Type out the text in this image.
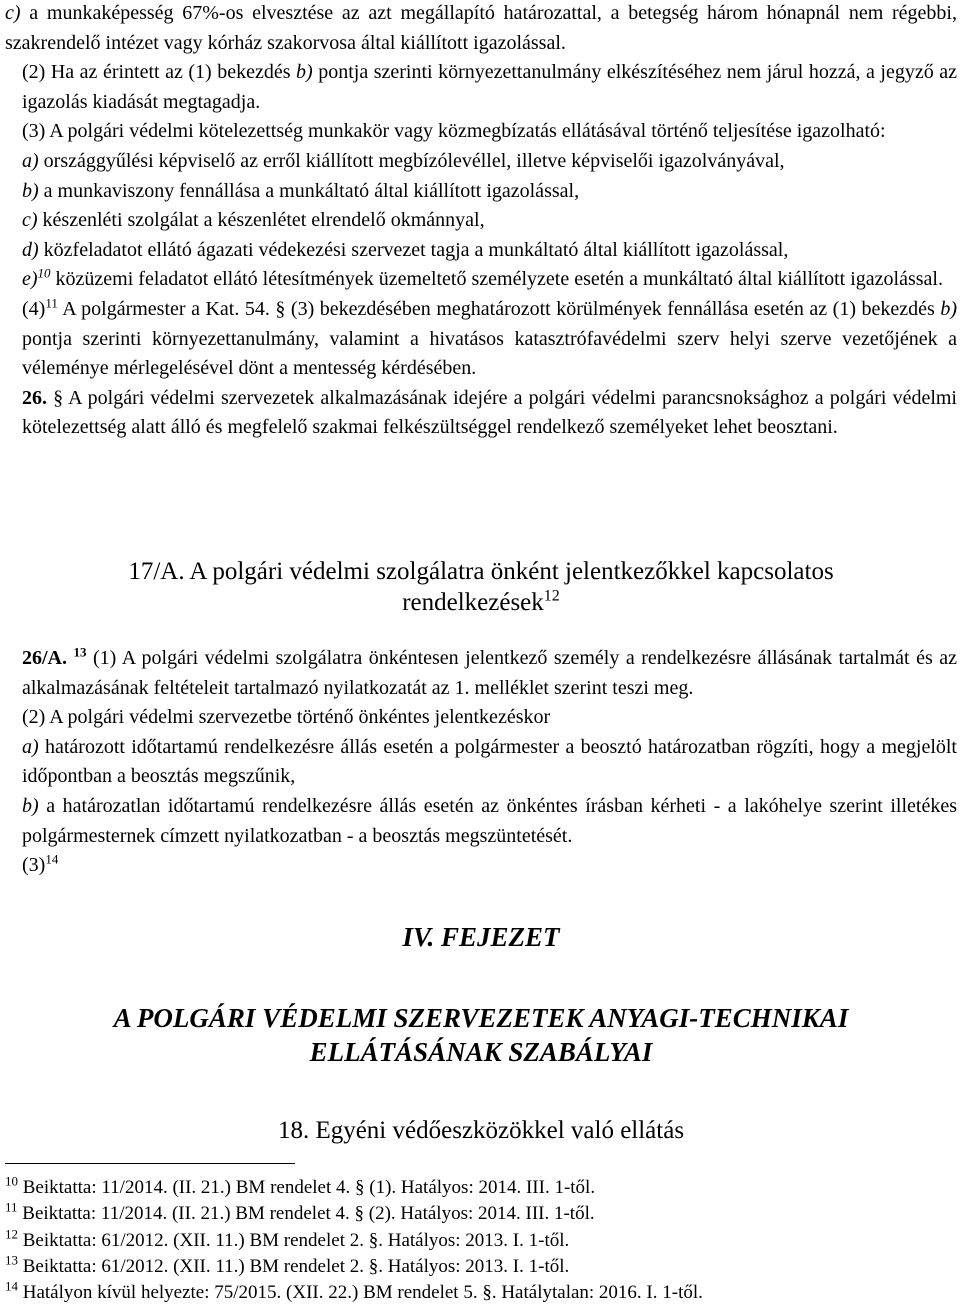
c) a munkaképesség 67%-os elvesztése az azt megállapító határozattal, a betegség három hónapnál nem régebbi, szakrendelő intézet vagy kórház szakorvosa által kiállított igazolással.

(2) Ha az érintett az (1) bekezdés b) pontja szerinti környezettanulmány elkészítéséhez nem járul hozzá, a jegyző az igazolás kiadását megtagadja.

(3) A polgári védelmi kötelezettség munkakör vagy közmegbízatás ellátásával történő teljesítése igazolható:

a) országgyűlési képviselő az erről kiállított megbízólevéllel, illetve képviselői igazolványával,

b) a munkaviszony fennállása a munkáltató által kiállított igazolással,

c) készenléti szolgálat a készenlétet elrendelő okmánnyal,

d) közfeladatot ellátó ágazati védekezési szervezet tagja a munkáltató által kiállított igazolással,

e)$^{10}$ közüzemi feladatot ellátó létesítmények üzemeltető személyzete esetén a munkáltató által kiállított igazolással.

$(4)^{11}$ A polgármester a Kat. 54. § (3) bekezdésében meghatározott körülmények fennállása esetén az (1) bekezdés b) pontja szerinti környezettanulmány, valamint a hivatásos katasztrófavédelmi szerv helyi szerve vezetőjének a véleménye mérlegelésével dönt a mentesség kérdésében.

26. § A polgári védelmi szervezetek alkalmazásának idejére a polgári védelmi parancsnoksághoz a polgári védelmi kötelezettség alatt álló és megfelelő szakmai felkészültséggel rendelkező személyeket lehet beosztani.

17/A. A polgári védelmi szolgálatra önként jelentkezőkkel kapcsolatos

rendelkezések$^{12}$

26/A. $^{13}$ (1) A polgári védelmi szolgálatra önkéntesen jelentkező személy a rendelkezésre állásának tartalmát és az alkalmazásának feltételeit tartalmazó nyilatkozatát az 1. melléklet szerint teszi meg.

(2) A polgári védelmi szervezetbe történő önkéntes jelentkezéskor

a) határozott időtartamú rendelkezésre állás esetén a polgármester a beosztó határozatban rögzíti, hogy a megjelölt időpontban a beosztás megszűnik,

b) a határozatlan időtartamú rendelkezésre állás esetén az önkéntes írásban kérheti - a lakóhelye szerint illetékes polgármesternek címzett nyilatkozatban - a beosztás megszüntetését.

$(3)^{14}$

IV. FEJEZET

A POLGÁRI VÉDELMI SZERVEZETEK ANYAGI-TECHNIKAI

ELLÁTÁSÁNAK SZABÁLYAI

18. Egyéni védőeszközökkel való ellátás

$^{10}$ Beiktatta: 11/2014. (II. 21.) BM rendelet 4. § (1). Hatályos: 2014. III. 1-től.

$^{11}$ Beiktatta: 11/2014. (II. 21.) BM rendelet 4. § (2). Hatályos: 2014. III. 1-től.

$^{12}$ Beiktatta: 61/2012. (XII. 11.) BM rendelet 2. §. Hatályos: 2013. I. 1-től.

$^{13}$ Beiktatta: 61/2012. (XII. 11.) BM rendelet 2. §. Hatályos: 2013. I. 1-től.

$^{14}$ Hatályon kívül helyezte: 75/2015. (XII. 22.) BM rendelet 5. §. Hatálytalan: 2016. I. 1-től.
